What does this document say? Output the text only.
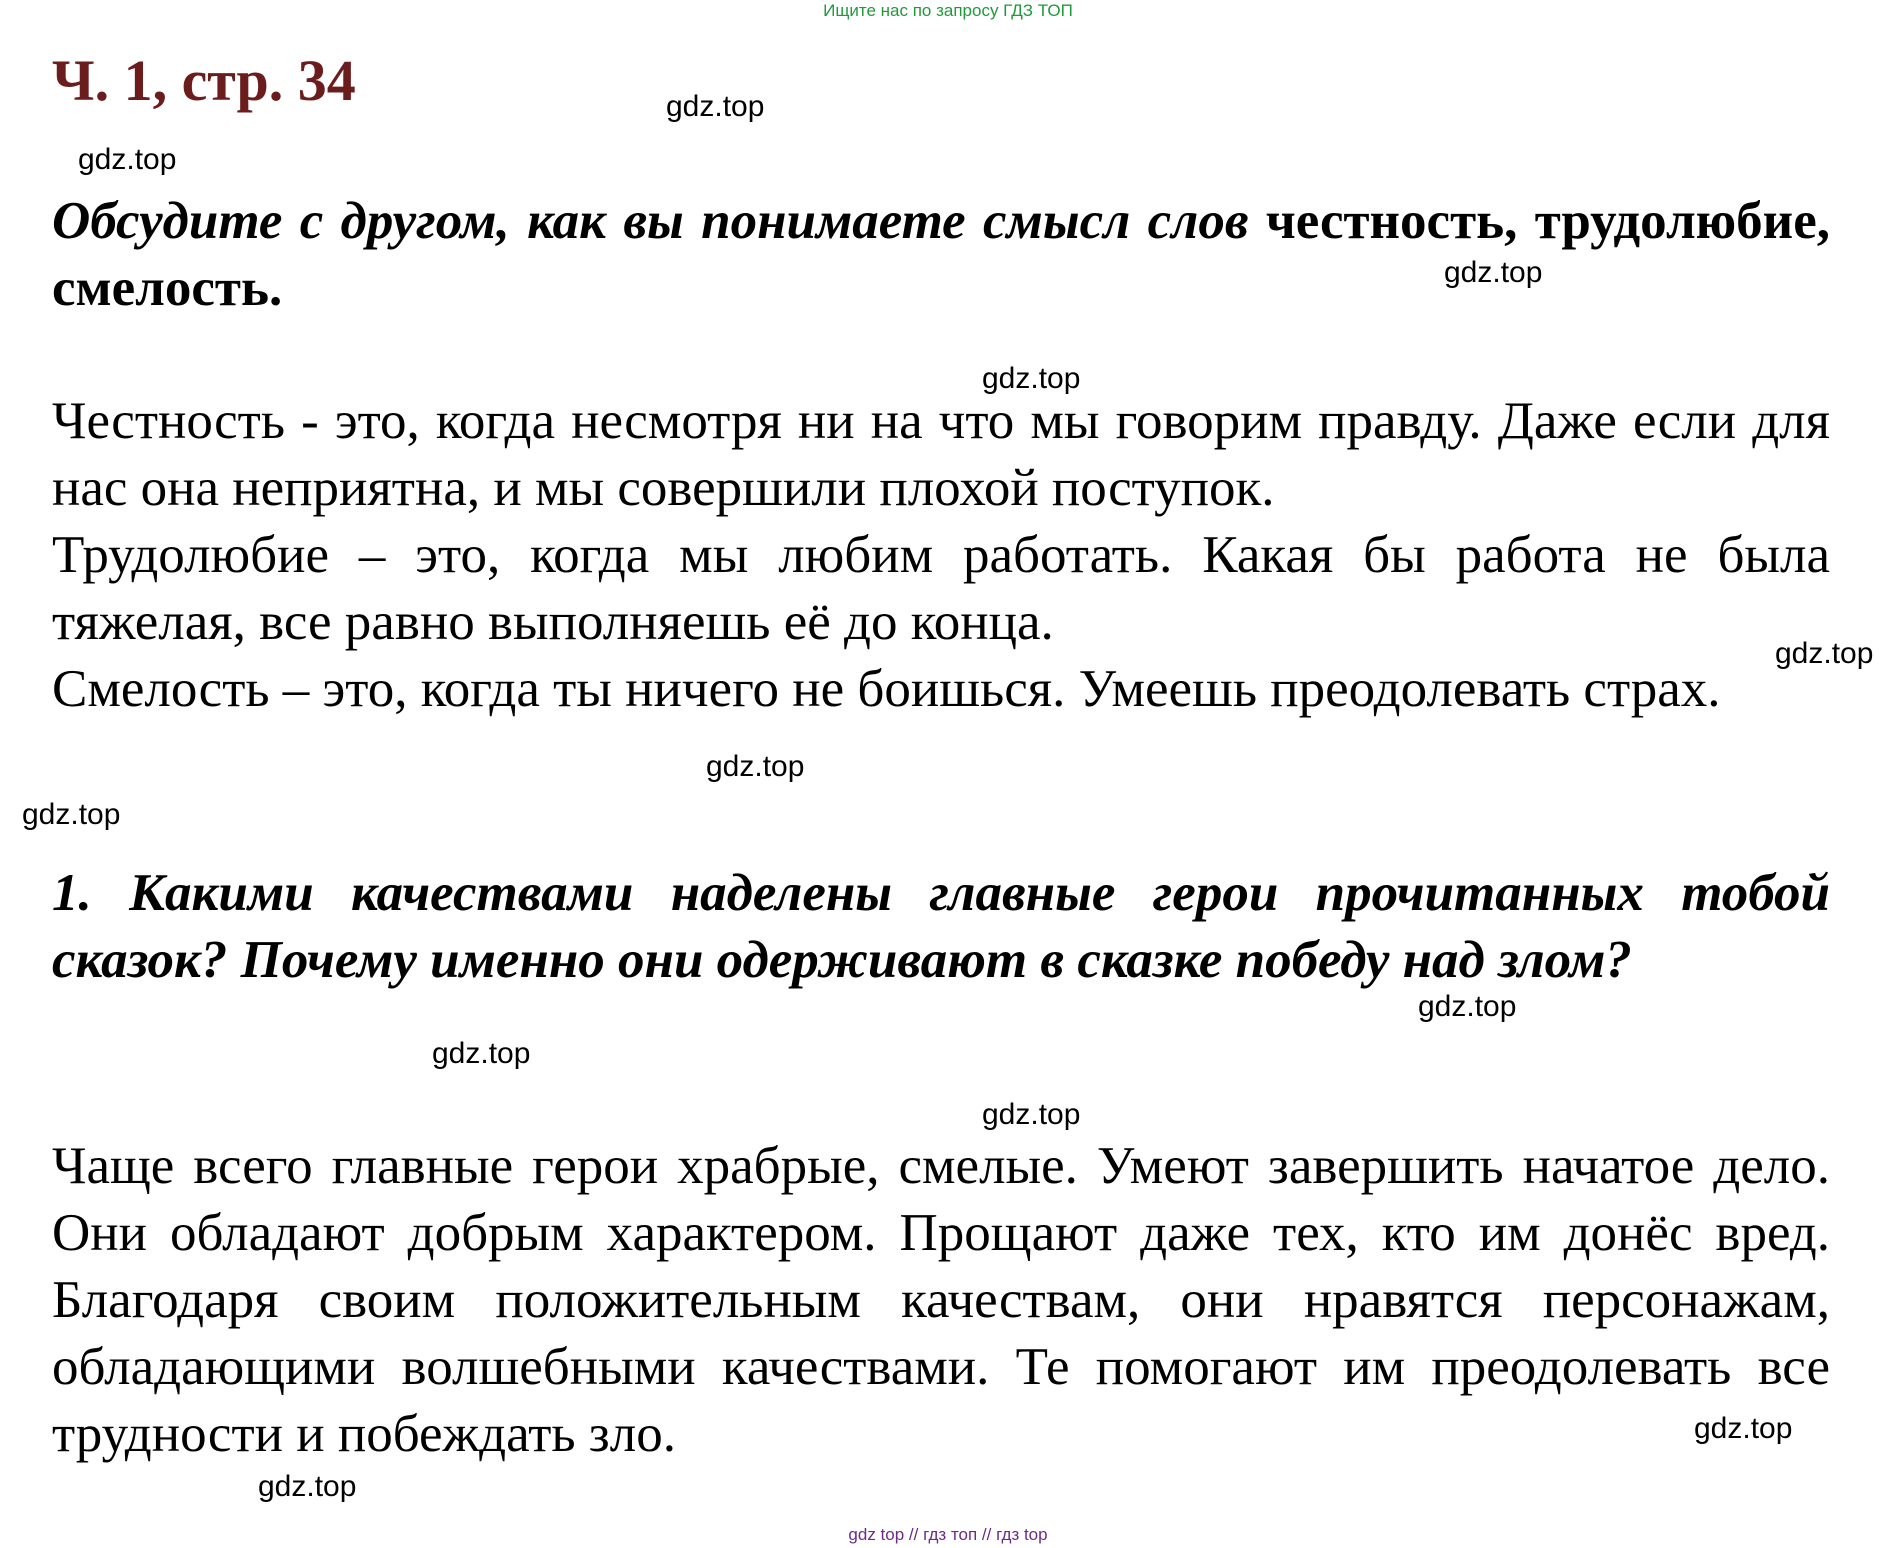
Ищите нас по запросу ГДЗ ТОП
Ч. 1, стр. 34

Обсудите с другом, как вы понимаете смысл слов честность, трудолюбие, смелость.

Честность - это, когда несмотря ни на что мы говорим правду. Даже если для нас она неприятна, и мы совершили плохой поступок.

Трудолюбие – это, когда мы любим работать. Какая бы работа не была тяжелая, все равно выполняешь её до конца.

Смелость – это, когда ты ничего не боишься. Умеешь преодолевать страх.

1. Какими качествами наделены главные герои прочитанных тобой сказок? Почему именно они одерживают в сказке победу над злом?

Чаще всего главные герои храбрые, смелые. Умеют завершить начатое дело. Они обладают добрым характером. Прощают даже тех, кто им донёс вред. Благодаря своим положительным качествам, они нравятся персонажам, обладающими волшебными качествами. Те помогают им преодолевать все трудности и побеждать зло.

gdz.top
gdz.top
gdz.top
gdz.top
gdz.top
gdz.top
gdz.top
gdz.top
gdz.top
gdz.top
gdz.top
gdz.top
gdz top // гдз топ // гдз top
